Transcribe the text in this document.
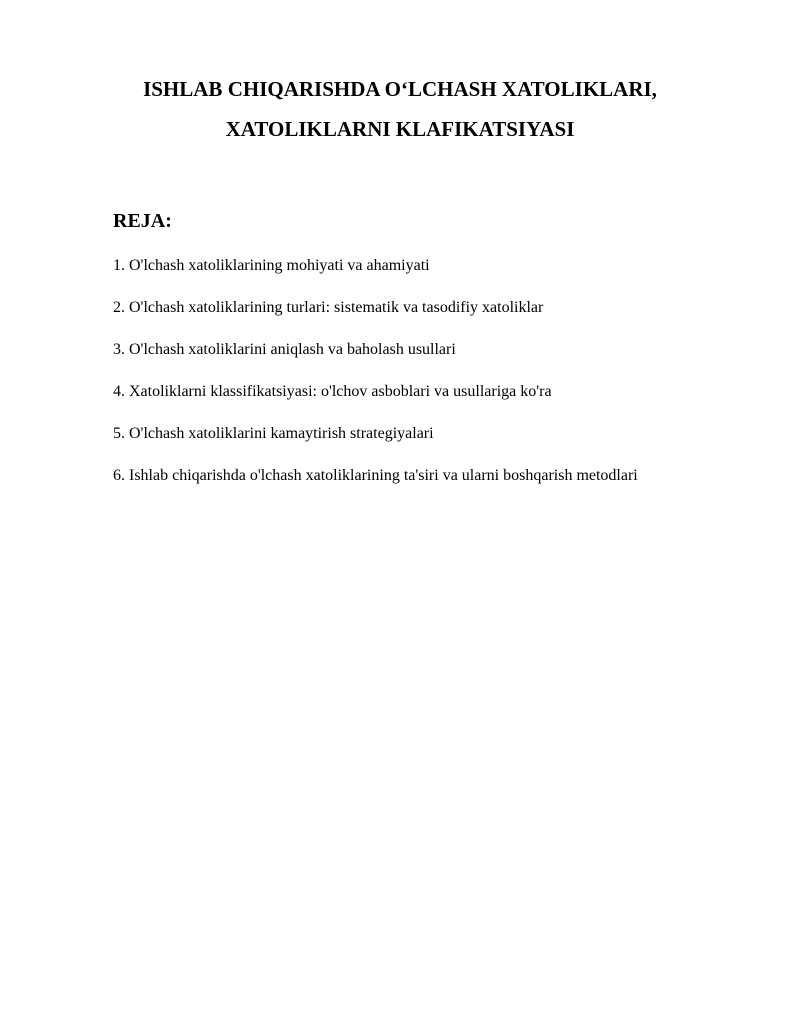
ISHLAB CHIQARISHDA O‘LCHASH XATOLIKLARI,
XATOLIKLARNI KLAFIKATSIYASI
REJA:
1. O'lchash xatoliklarining mohiyati va ahamiyati
2. O'lchash xatoliklarining turlari: sistematik va tasodifiy xatoliklar
3. O'lchash xatoliklarini aniqlash va baholash usullari
4. Xatoliklarni klassifikatsiyasi: o'lchov asboblari va usullariga ko'ra
5. O'lchash xatoliklarini kamaytirish strategiyalari
6. Ishlab chiqarishda o'lchash xatoliklarining ta'siri va ularni boshqarish metodlari
